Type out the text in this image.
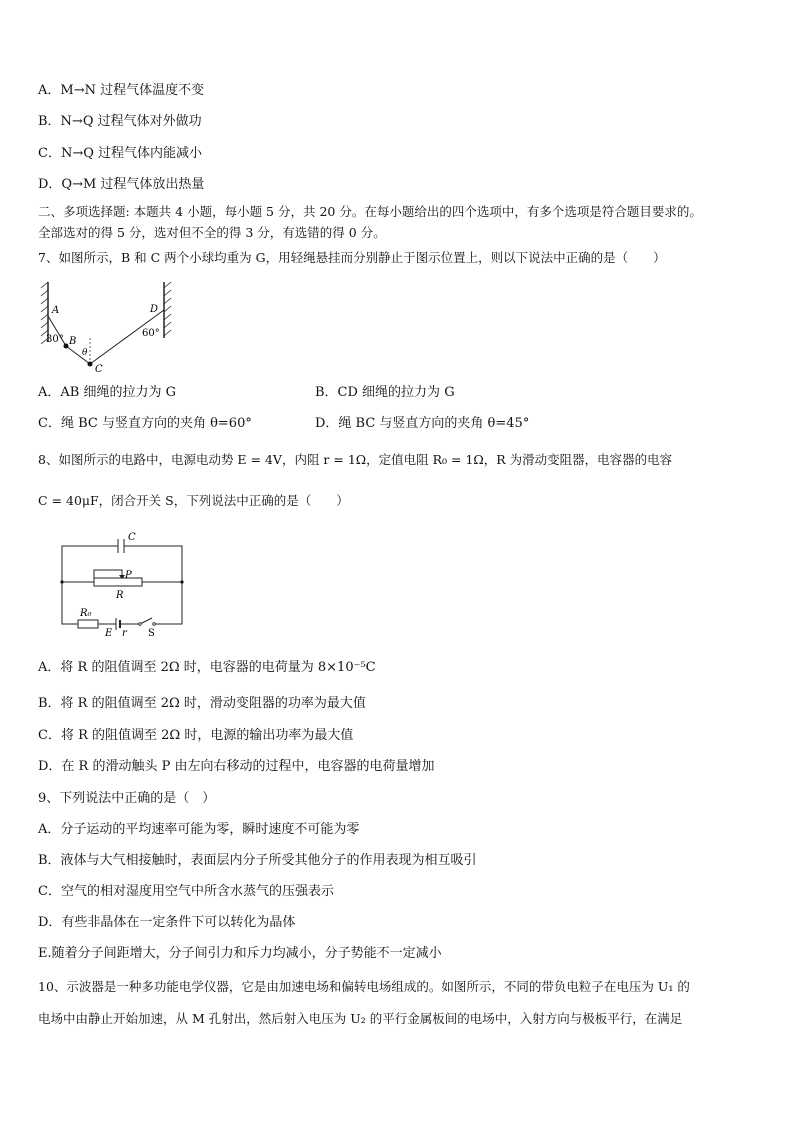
A．M→N 过程气体温度不变
B．N→Q 过程气体对外做功
C．N→Q 过程气体内能减小
D．Q→M 过程气体放出热量
二、多项选择题: 本题共 4 小题，每小题 5 分，共 20 分。在每小题给出的四个选项中，有多个选项是符合题目要求的。
全部选对的得 5 分，选对但不全的得 3 分，有选错的得 0 分。
7、如图所示，B 和 C 两个小球均重为 G，用轻绳悬挂而分别静止于图示位置上，则以下说法中正确的是（　　）
A	D
B
C
30°
60°
θ
A．AB 细绳的拉力为 G	B．CD 细绳的拉力为 G
C．绳 BC 与竖直方向的夹角 θ=60°	D．绳 BC 与竖直方向的夹角 θ=45°
8、如图所示的电路中，电源电动势 E = 4V，内阻 r = 1Ω，定值电阻 R₀ = 1Ω，R 为滑动变阻器，电容器的电容
C = 40μF，闭合开关 S，下列说法中正确的是（　　）
C
P
R
R₀
E r S
A．将 R 的阻值调至 2Ω 时，电容器的电荷量为 8×10⁻⁵C
B．将 R 的阻值调至 2Ω 时，滑动变阻器的功率为最大值
C．将 R 的阻值调至 2Ω 时，电源的输出功率为最大值
D．在 R 的滑动触头 P 由左向右移动的过程中，电容器的电荷量增加
9、下列说法中正确的是（　）
A．分子运动的平均速率可能为零，瞬时速度不可能为零
B．液体与大气相接触时，表面层内分子所受其他分子的作用表现为相互吸引
C．空气的相对湿度用空气中所含水蒸气的压强表示
D．有些非晶体在一定条件下可以转化为晶体
E.随着分子间距增大，分子间引力和斥力均减小，分子势能不一定减小
10、示波器是一种多功能电学仪器，它是由加速电场和偏转电场组成的。如图所示，不同的带负电粒子在电压为 U₁ 的
电场中由静止开始加速，从 M 孔射出，然后射入电压为 U₂ 的平行金属板间的电场中，入射方向与极板平行，在满足
